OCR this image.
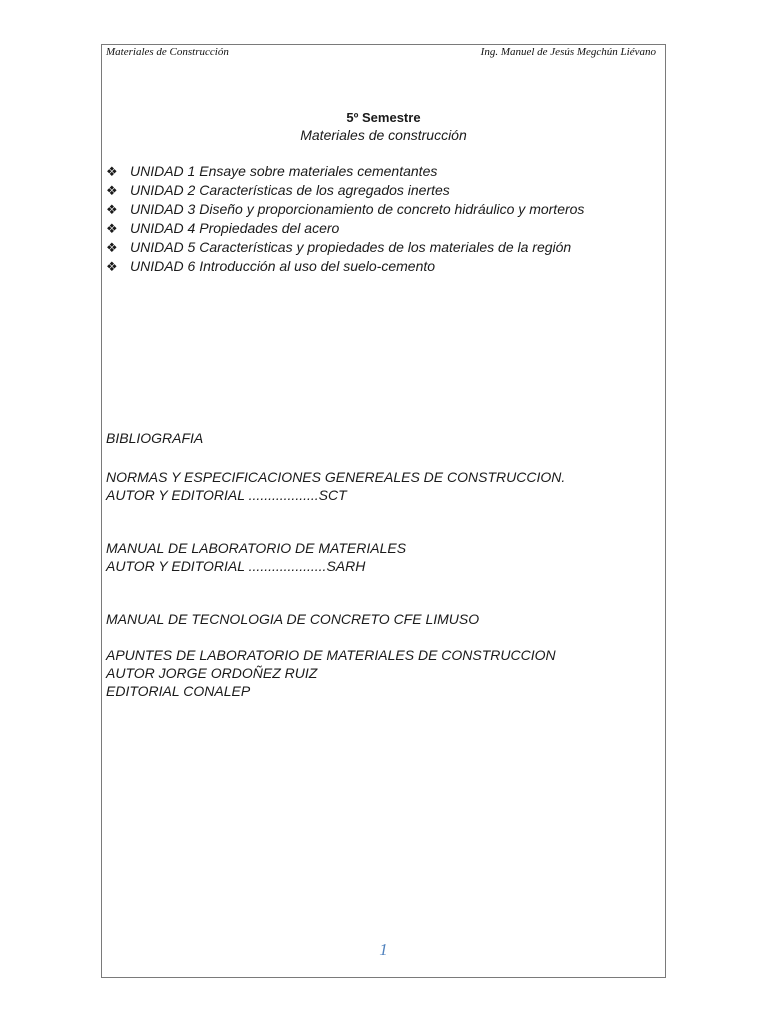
Materiales de Construcción	Ing. Manuel de Jesús Megchún Liévano
5º Semestre
Materiales de construcción
❖ UNIDAD 1 Ensaye sobre materiales cementantes
❖ UNIDAD 2 Características de los agregados inertes
❖ UNIDAD 3 Diseño y proporcionamiento de concreto hidráulico y morteros
❖ UNIDAD 4 Propiedades del acero
❖ UNIDAD 5 Características y propiedades de los materiales de la región
❖ UNIDAD 6 Introducción al uso del suelo-cemento
BIBLIOGRAFIA
NORMAS Y ESPECIFICACIONES GENEREALES DE CONSTRUCCION.
AUTOR Y EDITORIAL ..................SCT
MANUAL DE LABORATORIO DE MATERIALES
AUTOR Y EDITORIAL ....................SARH
MANUAL DE TECNOLOGIA DE CONCRETO CFE LIMUSO
APUNTES DE LABORATORIO DE MATERIALES DE CONSTRUCCION
AUTOR JORGE ORDOÑEZ RUIZ
EDITORIAL CONALEP
1
